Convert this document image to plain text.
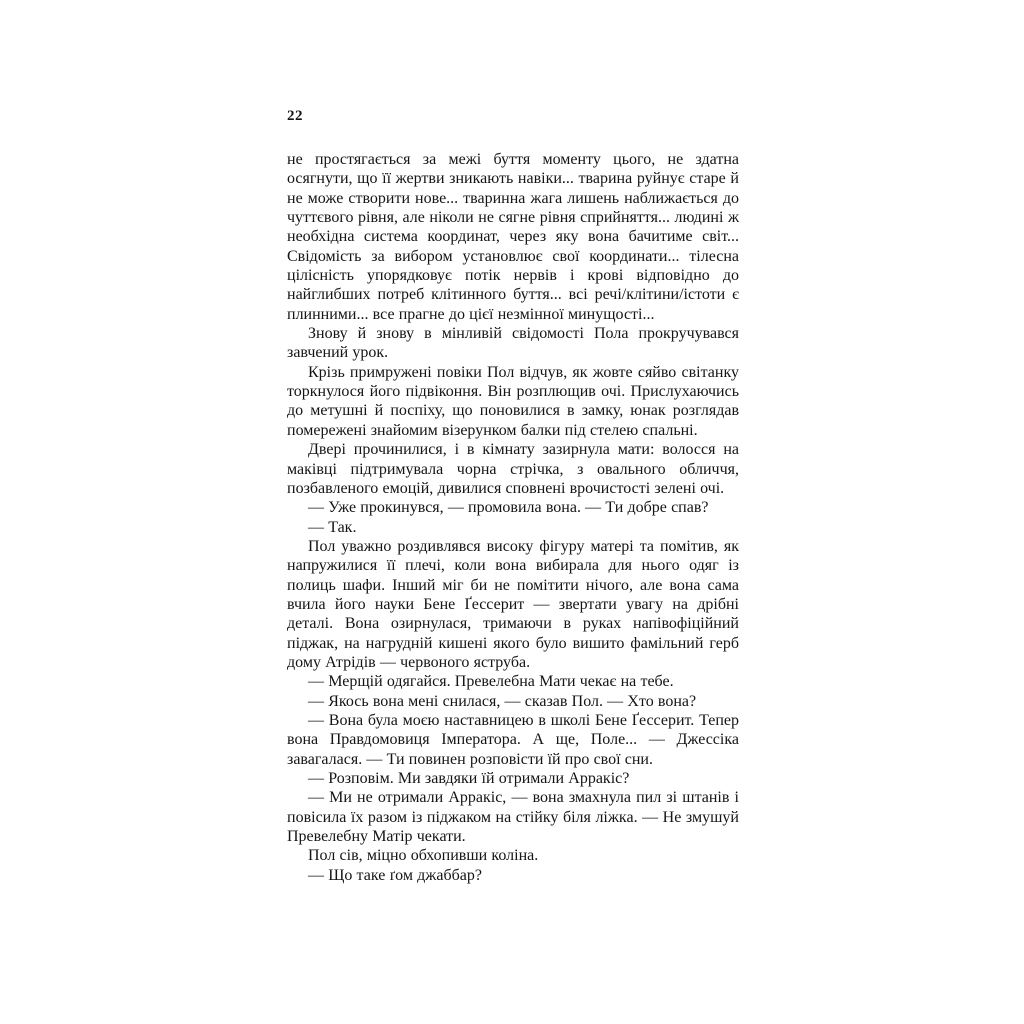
22

не простягається за межі буття моменту цього, не здатна осягнути, що її жертви зникають навіки... тварина руйнує старе й не може створити нове... тваринна жага лишень наближається до чуттєвого рівня, але ніколи не сягне рівня сприйняття... людині ж необхідна система координат, через яку вона бачитиме світ... Свідомість за вибором установлює свої координати... тілесна цілісність упорядковує потік нервів і крові відповідно до найглибших потреб клітинного буття... всі речі/клітини/істоти є плинними... все прагне до цієї незмінної минущості...

Знову й знову в мінливій свідомості Пола прокручувався завчений урок.

Крізь примружені повіки Пол відчув, як жовте сяйво світанку торкнулося його підвіконня. Він розплющив очі. Прислухаючись до метушні й поспіху, що поновилися в замку, юнак розглядав помережені знайомим візерунком балки під стелею спальні.

Двері прочинилися, і в кімнату зазирнула мати: волосся на маківці підтримувала чорна стрічка, з овального обличчя, позбавленого емоцій, дивилися сповнені врочистості зелені очі.

— Уже прокинувся, — промовила вона. — Ти добре спав?

— Так.

Пол уважно роздивлявся високу фігуру матері та помітив, як напружилися її плечі, коли вона вибирала для нього одяг із полиць шафи. Інший міг би не помітити нічого, але вона сама вчила його науки Бене Ґессерит — звертати увагу на дрібні деталі. Вона озирнулася, тримаючи в руках напівофіційний піджак, на нагрудній кишені якого було вишито фамільний герб дому Атрідів — червоного яструба.

— Мерщій одягайся. Превелебна Мати чекає на тебе.

— Якось вона мені снилася, — сказав Пол. — Хто вона?

— Вона була моєю наставницею в школі Бене Ґессерит. Тепер вона Правдомовиця Імператора. А ще, Поле... — Джессіка завагалася. — Ти повинен розповісти їй про свої сни.

— Розповім. Ми завдяки їй отримали Арракіс?

— Ми не отримали Арракіс, — вона змахнула пил зі штанів і повісила їх разом із піджаком на стійку біля ліжка. — Не змушуй Превелебну Матір чекати.

Пол сів, міцно обхопивши коліна.

— Що таке ґом джаббар?
